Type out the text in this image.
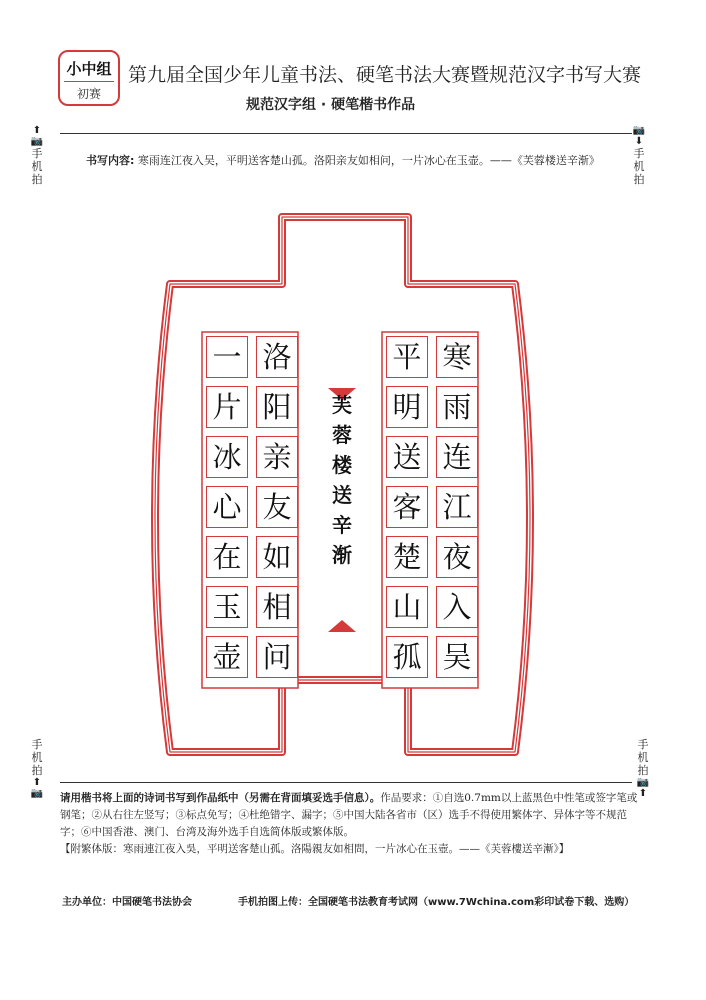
小中组
初赛
第九届全国少年儿童书法、硬笔书法大赛暨规范汉字书写大赛
规范汉字组 · 硬笔楷书作品
⬆📷
手
机
拍
📷⬇
手
机
拍
书写内容: 寒雨连江夜入吴，平明送客楚山孤。洛阳亲友如相问，一片冰心在玉壶。——《芙蓉楼送辛渐》
芙
蓉
楼
送
辛
渐
寒
雨
连
江
夜
入
吴
平
明
送
客
楚
山
孤
洛
阳
亲
友
如
相
问
一
片
冰
心
在
玉
壶
手
机
拍
⬆📷
手
机
拍
📷⬆
请用楷书将上面的诗词书写到作品纸中（另需在背面填妥选手信息）。作品要求：①自选0.7mm以上蓝黑色中性笔或签字笔或钢笔；②从右往左竖写；③标点免写；④杜绝错字、漏字；⑤中国大陆各省市（区）选手不得使用繁体字、异体字等不规范字；⑥中国香港、澳门、台湾及海外选手自选简体版或繁体版。
【附繁体版：寒雨連江夜入吳，平明送客楚山孤。洛陽親友如相問，一片冰心在玉壺。——《芙蓉樓送辛漸》】
主办单位：中国硬笔书法协会	手机拍图上传：全国硬笔书法教育考试网（www.7Wchina.com彩印试卷下载、选购）
